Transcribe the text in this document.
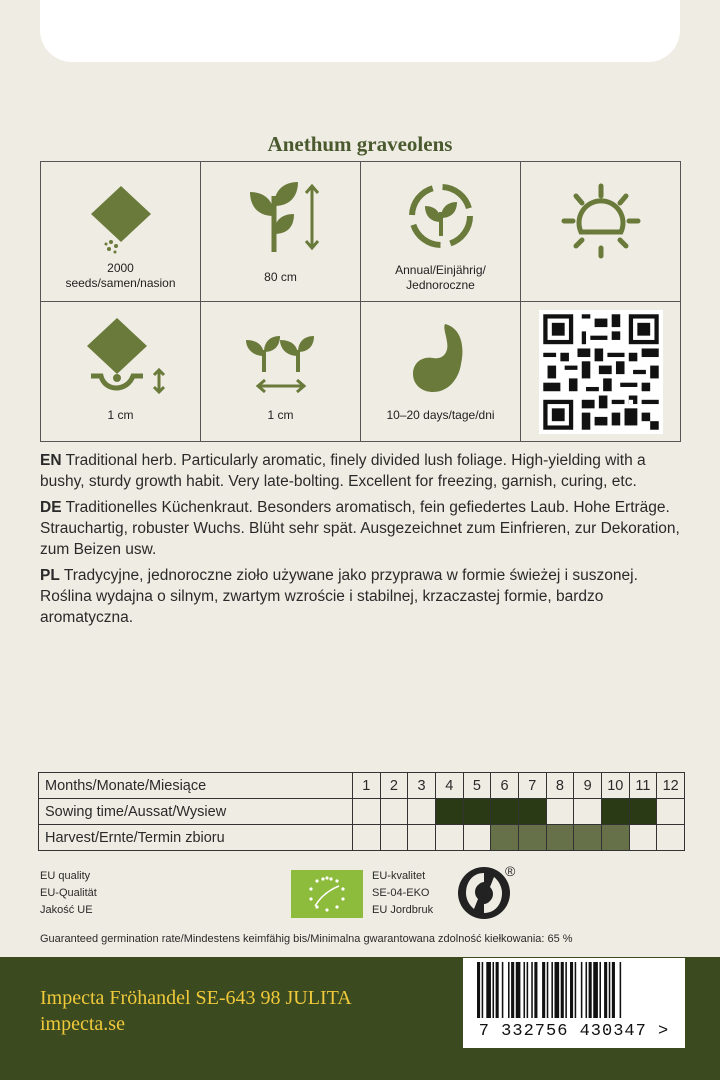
Anethum graveolens
2000
seeds/samen/nasion	80 cm	Annual/Einjährig/
Jednoroczne
1 cm	1 cm	10–20 days/tage/dni

EN Traditional herb. Particularly aromatic, finely divided lush foliage. High-yielding with a bushy, sturdy growth habit. Very late-bolting. Excellent for freezing, garnish, curing, etc.

DE Traditionelles Küchenkraut. Besonders aromatisch, fein gefiedertes Laub. Hohe Erträge. Strauchartig, robuster Wuchs. Blüht sehr spät. Ausgezeichnet zum Einfrieren, zur Dekoration, zum Beizen usw.

PL Tradycyjne, jednoroczne zioło używane jako przyprawa w formie świeżej i suszonej. Roślina wydajna o silnym, zwartym wzroście i stabilnej, krzaczastej formie, bardzo aromatyczna.

Months/Monate/Miesiące	1	2	3	4	5	6	7	8	9	10	11	12
Sowing time/Aussat/Wysiew												
Harvest/Ernte/Termin zbioru												
EU quality
EU-Qualität
Jakość UE
EU-kvalitet
SE-04-EKO
EU Jordbruk
®
Guaranteed germination rate/Mindestens keimfähig bis/Minimalna gwarantowana zdolność kiełkowania: 65 %
Impecta Fröhandel SE-643 98 JULITA
impecta.se	7 332756 430347 >
